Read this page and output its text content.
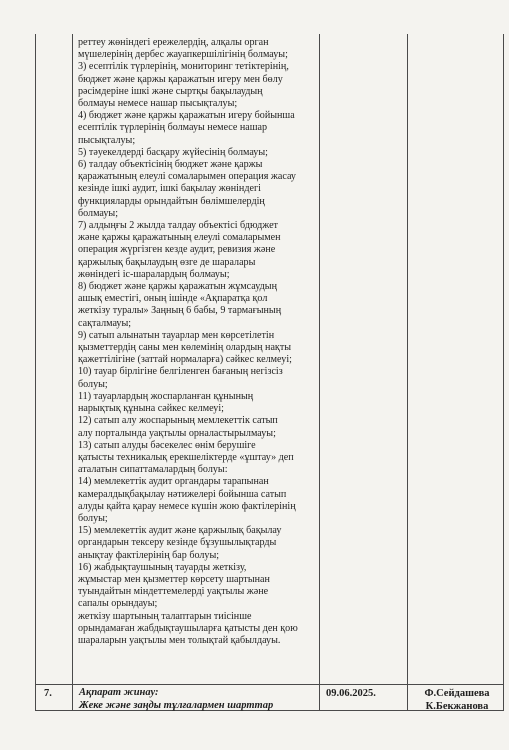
реттеу жөніндегі ережелердің, алқалы орган
мүшелерінің дербес жауапкершілігінің болмауы;
3) есептілік түрлерінің, мониторинг тетіктерінің,
бюджет және қаржы қаражатын игеру мен бөлу
рәсімдеріне ішкі және сыртқы бақылаудың
болмауы немесе нашар пысықталуы;
4) бюджет және қаржы қаражатын игеру бойынша
есептілік түрлерінің болмауы немесе нашар
пысықталуы;
5) тәуекелдерді басқару жүйесінің болмауы;
6) талдау объектісінің бюджет және қаржы
қаражатының елеулі сомаларымен операция жасау
кезінде ішкі аудит, ішкі бақылау жөніндегі
функцияларды орындайтын бөлімшелердің
болмауы;
7) алдыңғы 2 жылда талдау объектісі бдюджет
және қаржы қаражатының елеулі сомаларымен
операция жүргізген кезде аудит, ревизия және
қаржылық бақылаудың өзге де шаралары
жөніндегі іс-шаралардың болмауы;
8) бюджет және қаржы қаражатын жұмсаудың
ашық еместігі, оның ішінде «Ақпаратқа қол
жеткізу туралы» Заңның 6 бабы, 9 тармағының
сақталмауы;
9) сатып алынатын тауарлар мен көрсетілетін
қызметтердің саны мен көлемінің олардың нақты
қажеттілігіне (заттай нормаларға) сәйкес келмеуі;
10) тауар бірлігіне белгіленген бағаның негізсіз
болуы;
11) тауарлардың жоспарланған құнының
нарықтық құнына сәйкес келмеуі;
12) сатып алу жоспарының мемлекеттік сатып
алу порталында уақтылы орналастырылмауы;
13) сатып алуды бәсекелес өнім берушіге
қатысты техникалық ерекшеліктерде «ұштау» деп
аталатын сипаттамалардың болуы:
14) мемлекеттік аудит органдары тарапынан
камералдықбақылау нәтижелері бойынша сатып
алуды қайта қарау немесе күшін жою фактілерінің
болуы;
15) мемлекеттік аудит және қаржылық бақылау
органдарын тексеру кезінде бұзушылықтарды
анықтау фактілерінің бар болуы;
16) жабдықтаушының тауарды жеткізу,
жұмыстар мен қызметтер көрсету шартынан
туындайтын міндеттемелерді уақтылы және
сапалы орындауы;
жеткізу шартының талаптарын тиісінше
орындамаған жабдықтаушыларға қатысты ден қою
шараларын уақтылы мен толықтай қабылдауы.
7.	Ақпарат жинау:
Жеке және заңды тұлғалармен шарттар
09.06.2025.	Ф.Сейдашева
К.Бекжанова
